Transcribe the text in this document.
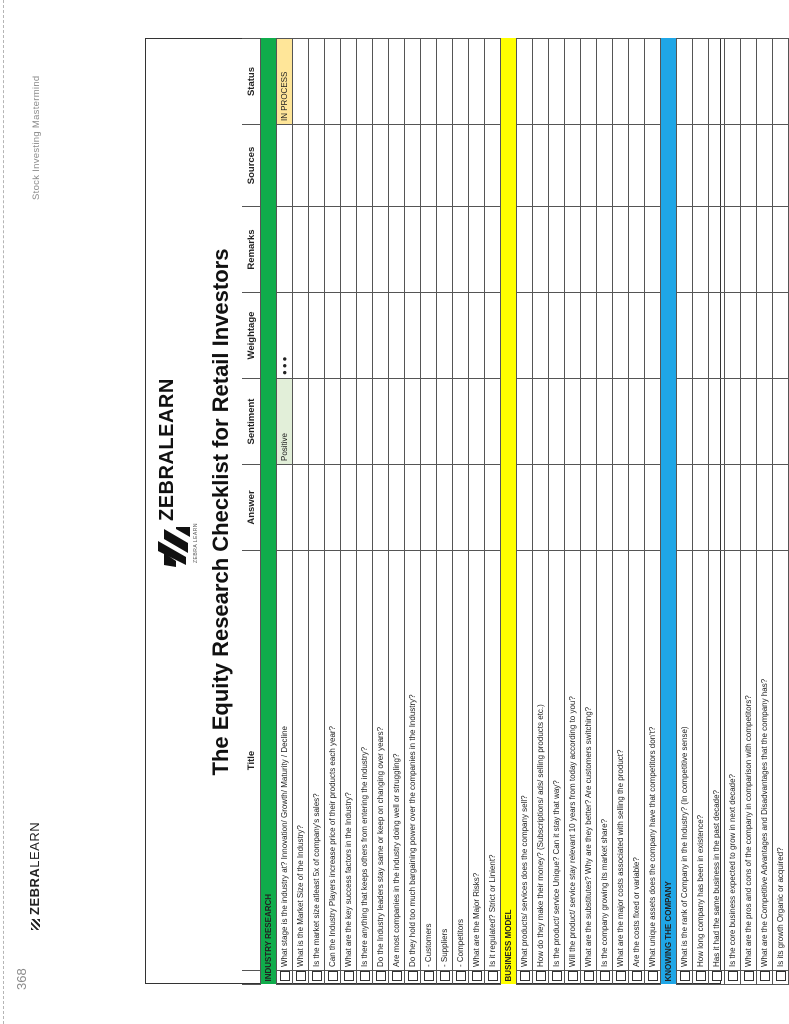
Stock Investing Mastermind
368
ZEBRALEARN
ZEBRALEARN
ZEBRA LEARN The Equity Research Checklist for Retail Investors
	Title	Answer	Sentiment	Weightage	Remarks	Sources	Status
INDUSTRY RESEARCH							
	What stage is the industry at? Innovation/ Growth/ Maturity / Decline		Positive	●●●			IN PROCESS
	What is the Market Size of the Industry?						
	Is the market size atleast 5x of company's sales?						
	Can the Industry Players increase price of their products each year?						
	What are the key success factors in the Industry?						
	Is there anything that keeps others from entering the industry?						
	Do the Industry leaders stay same or keep on changing over years?						
	Are most companies in the industry doing well or struggling?						
	Do they hold too much bargaining power over the companies in the Industry?						
	- Customers						
	- Suppliers						
	- Competitors						
	What are the Major Risks?						
	Is it regulated? Strict or Linient?						
BUSINESS MODEL							
	What products/ services does the company sell?						
	How do they make their money? (Subscriptions/ ads/ selling products etc.)						
	Is the product/ service Unique? Can it stay that way?						
	Will the product/ service stay relevant 10 years from today according to you?						
	What are the substitutes? Why are they better? Are customers switching?						
	Is the company growing its market share?						
	What are the major costs associated with selling the product?						
	Are the costs fixed or variable?						
	What unique assets does the company have that competitors don't?						
KNOWING THE COMPANY							
	What is the rank of Company in the Industry? (In competitive sense)						
	How long company has been in existence?						
	Has it had the same business in the past decade?						
	Is the core business expected to grow in next decade?						
	What are the pros and cons of the company in comparison with competitors?						
	What are the Competitive Advantages and Disadvantages that the company has?						
	Is its growth Organic or acquired?						
